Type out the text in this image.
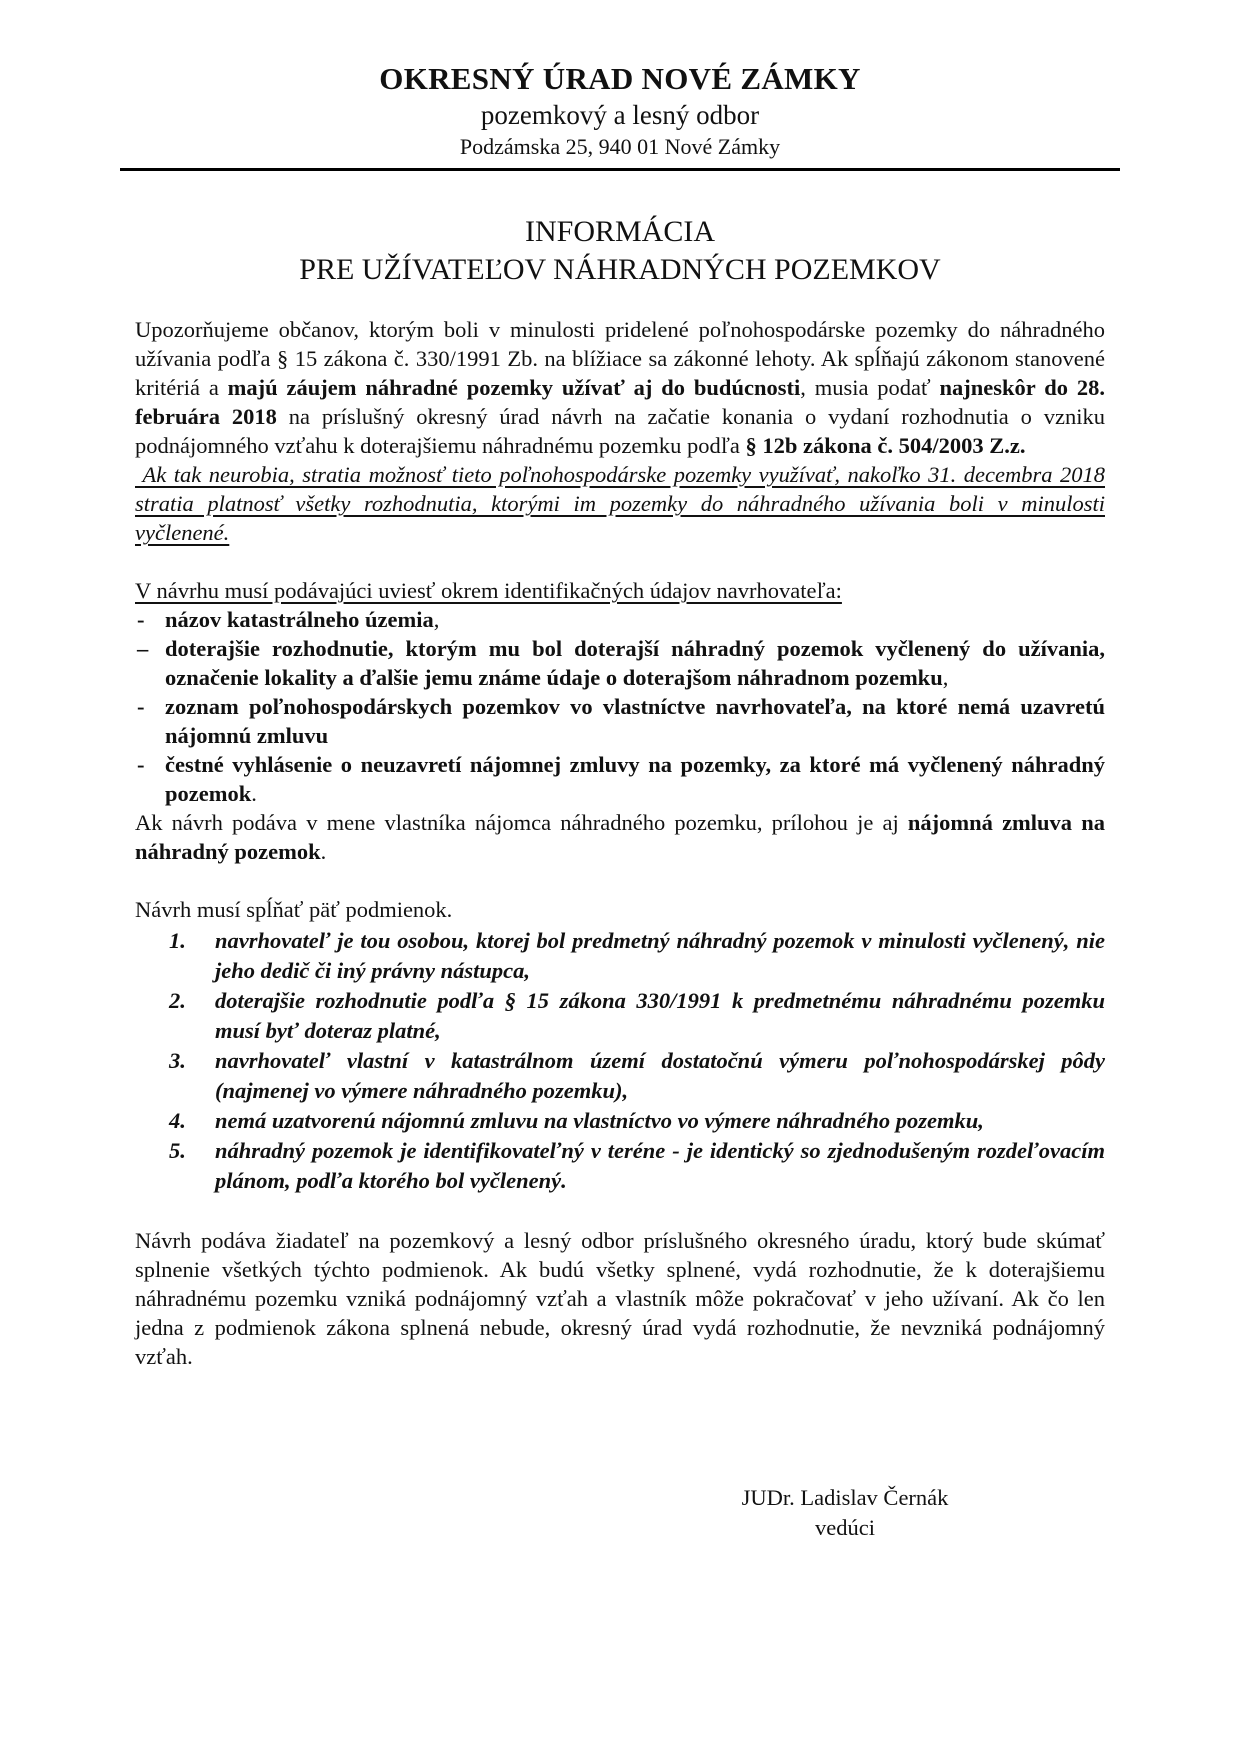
OKRESNÝ ÚRAD NOVÉ ZÁMKY
pozemkový a lesný odbor
Podzámska 25, 940 01 Nové Zámky
INFORMÁCIA
PRE UŽÍVATEĽOV NÁHRADNÝCH POZEMKOV

Upozorňujeme občanov, ktorým boli v minulosti pridelené poľnohospodárske pozemky do náhradného užívania podľa § 15 zákona č. 330/1991 Zb. na blížiace sa zákonné lehoty. Ak spĺňajú zákonom stanovené kritériá a majú záujem náhradné pozemky užívať aj do budúcnosti, musia podať najneskôr do 28. februára 2018 na príslušný okresný úrad návrh na začatie konania o vydaní rozhodnutia o vzniku podnájomného vzťahu k doterajšiemu náhradnému pozemku podľa § 12b zákona č. 504/2003 Z.z.

Ak tak neurobia, stratia možnosť tieto poľnohospodárske pozemky využívať, nakoľko 31. decembra 2018 stratia platnosť všetky rozhodnutia, ktorými im pozemky do náhradného užívania boli v minulosti vyčlenené.

V návrhu musí podávajúci uviesť okrem identifikačných údajov navrhovateľa:

- názov katastrálneho územia,
– doterajšie rozhodnutie, ktorým mu bol doterajší náhradný pozemok vyčlenený do užívania, označenie lokality a ďalšie jemu známe údaje o doterajšom náhradnom pozemku,
- zoznam poľnohospodárskych pozemkov vo vlastníctve navrhovateľa, na ktoré nemá uzavretú nájomnú zmluvu
- čestné vyhlásenie o neuzavretí nájomnej zmluvy na pozemky, za ktoré má vyčlenený náhradný pozemok.

Ak návrh podáva v mene vlastníka nájomca náhradného pozemku, prílohou je aj nájomná zmluva na náhradný pozemok.

Návrh musí spĺňať päť podmienok.

1. navrhovateľ je tou osobou, ktorej bol predmetný náhradný pozemok v minulosti vyčlenený, nie jeho dedič či iný právny nástupca,
2. doterajšie rozhodnutie podľa § 15 zákona 330/1991 k predmetnému náhradnému pozemku musí byť doteraz platné,
3. navrhovateľ vlastní v katastrálnom území dostatočnú výmeru poľnohospodárskej pôdy (najmenej vo výmere náhradného pozemku),
4. nemá uzatvorenú nájomnú zmluvu na vlastníctvo vo výmere náhradného pozemku,
5. náhradný pozemok je identifikovateľný v teréne - je identický so zjednodušeným rozdeľovacím plánom, podľa ktorého bol vyčlenený.

Návrh podáva žiadateľ na pozemkový a lesný odbor príslušného okresného úradu, ktorý bude skúmať splnenie všetkých týchto podmienok. Ak budú všetky splnené, vydá rozhodnutie, že k doterajšiemu náhradnému pozemku vzniká podnájomný vzťah a vlastník môže pokračovať v jeho užívaní. Ak čo len jedna z podmienok zákona splnená nebude, okresný úrad vydá rozhodnutie, že nevzniká podnájomný vzťah.

JUDr. Ladislav Černák
vedúci
